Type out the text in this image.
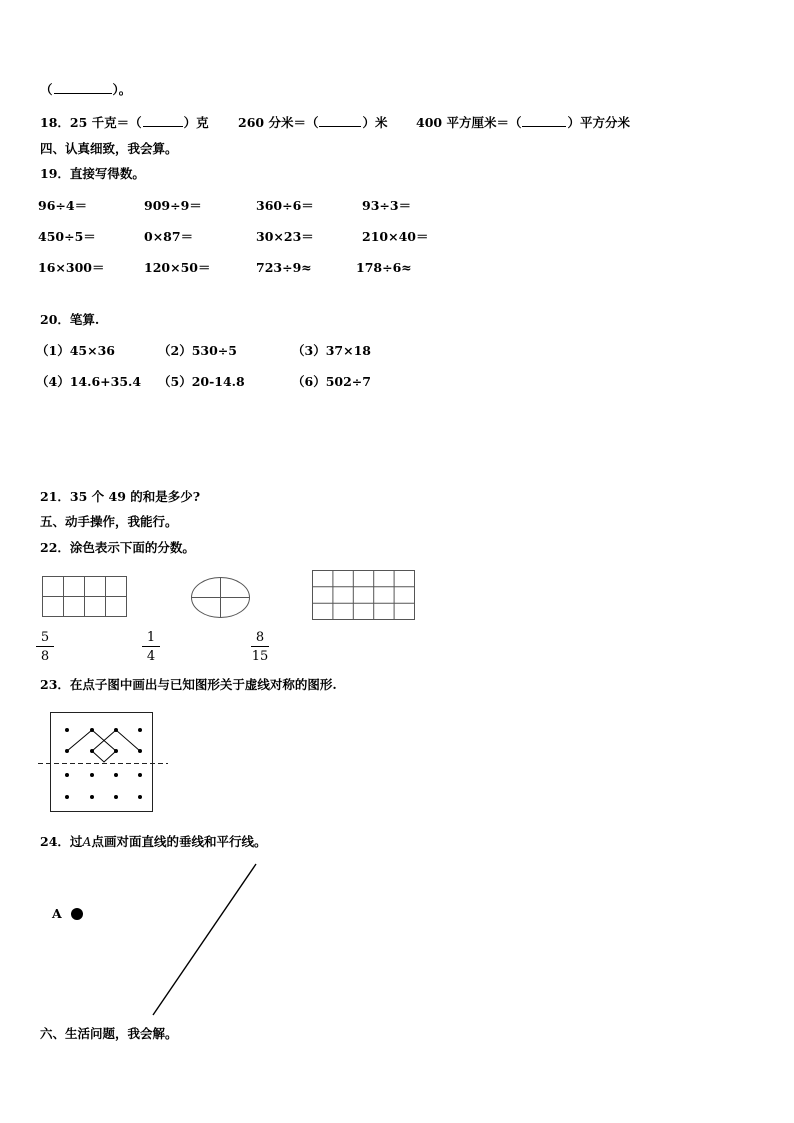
（	）。
18．25 千克＝（	）克 260 分米＝（	）米 400 平方厘米＝（	）平方分米
四、认真细致，我会算。
19．直接写得数。
96÷4＝	909÷9＝	360÷6＝	93÷3＝
450÷5＝	0×87＝	30×23＝	210×40＝
16×300＝	120×50＝	723÷9≈	178÷6≈
20．笔算.
（1）45×36	（2）530÷5	（3）37×18
（4）14.6+35.4 （5）20-14.8	（6）502÷7
21．35 个 49 的和是多少?
五、动手操作，我能行。
22．涂色表示下面的分数。
5
8
1
4
8
15
23．在点子图中画出与已知图形关于虚线对称的图形.
24．过A点画对面直线的垂线和平行线。
A
六、生活问题，我会解。
